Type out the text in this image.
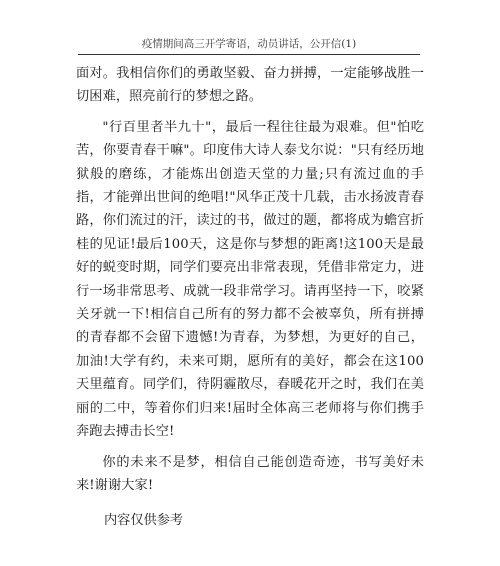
疫情期间高三开学寄语，动员讲话，公开信(1)

面对。我相信你们的勇敢坚毅、奋力拼搏，一定能够战胜一切困难，照亮前行的梦想之路。

"行百里者半九十"，最后一程往往最为艰难。但"怕吃苦，你要青春干嘛"。印度伟大诗人泰戈尔说："只有经历地狱般的磨练，才能炼出创造天堂的力量;只有流过血的手指，才能弹出世间的绝唱!"风华正茂十几载，击水扬波青春路，你们流过的汗，读过的书，做过的题，都将成为蟾宫折桂的见证!最后100天，这是你与梦想的距离!这100天是最好的蜕变时期，同学们要亮出非常表现，凭借非常定力，进行一场非常思考、成就一段非常学习。请再坚持一下，咬紧关牙就一下!相信自己所有的努力都不会被辜负，所有拼搏的青春都不会留下遗憾!为青春，为梦想，为更好的自己，加油!大学有约，未来可期，愿所有的美好，都会在这100天里蕴育。同学们，待阴霾散尽，春暖花开之时，我们在美丽的二中，等着你们归来!届时全体高三老师将与你们携手奔跑去搏击长空!

你的未来不是梦，相信自己能创造奇迹，书写美好未来!谢谢大家!

内容仅供参考
